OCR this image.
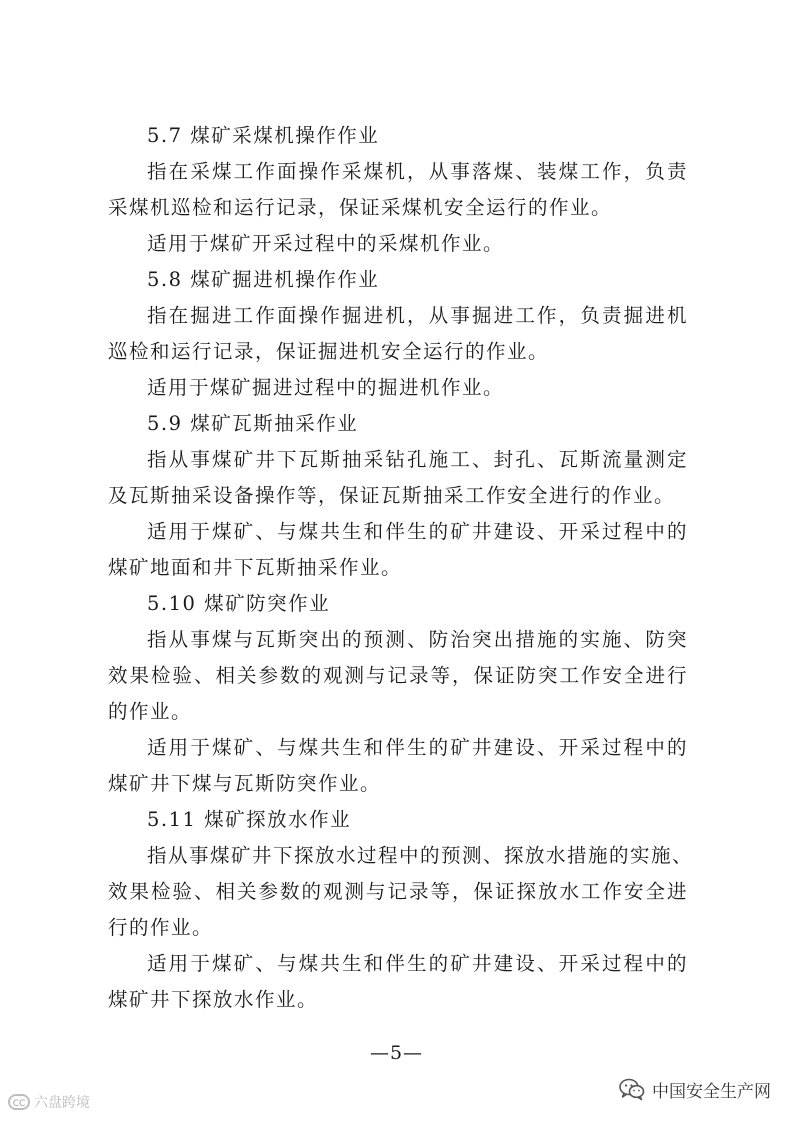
5.7 煤矿采煤机操作作业
指在采煤工作面操作采煤机，从事落煤、装煤工作，负责
采煤机巡检和运行记录，保证采煤机安全运行的作业。
适用于煤矿开采过程中的采煤机作业。
5.8 煤矿掘进机操作作业
指在掘进工作面操作掘进机，从事掘进工作，负责掘进机
巡检和运行记录，保证掘进机安全运行的作业。
适用于煤矿掘进过程中的掘进机作业。
5.9 煤矿瓦斯抽采作业
指从事煤矿井下瓦斯抽采钻孔施工、封孔、瓦斯流量测定
及瓦斯抽采设备操作等，保证瓦斯抽采工作安全进行的作业。
适用于煤矿、与煤共生和伴生的矿井建设、开采过程中的
煤矿地面和井下瓦斯抽采作业。
5.10 煤矿防突作业
指从事煤与瓦斯突出的预测、防治突出措施的实施、防突
效果检验、相关参数的观测与记录等，保证防突工作安全进行
的作业。
适用于煤矿、与煤共生和伴生的矿井建设、开采过程中的
煤矿井下煤与瓦斯防突作业。
5.11 煤矿探放水作业
指从事煤矿井下探放水过程中的预测、探放水措施的实施、
效果检验、相关参数的观测与记录等，保证探放水工作安全进
行的作业。
适用于煤矿、与煤共生和伴生的矿井建设、开采过程中的
煤矿井下探放水作业。
—5—
CC 六盘跨境
中国安全生产网
